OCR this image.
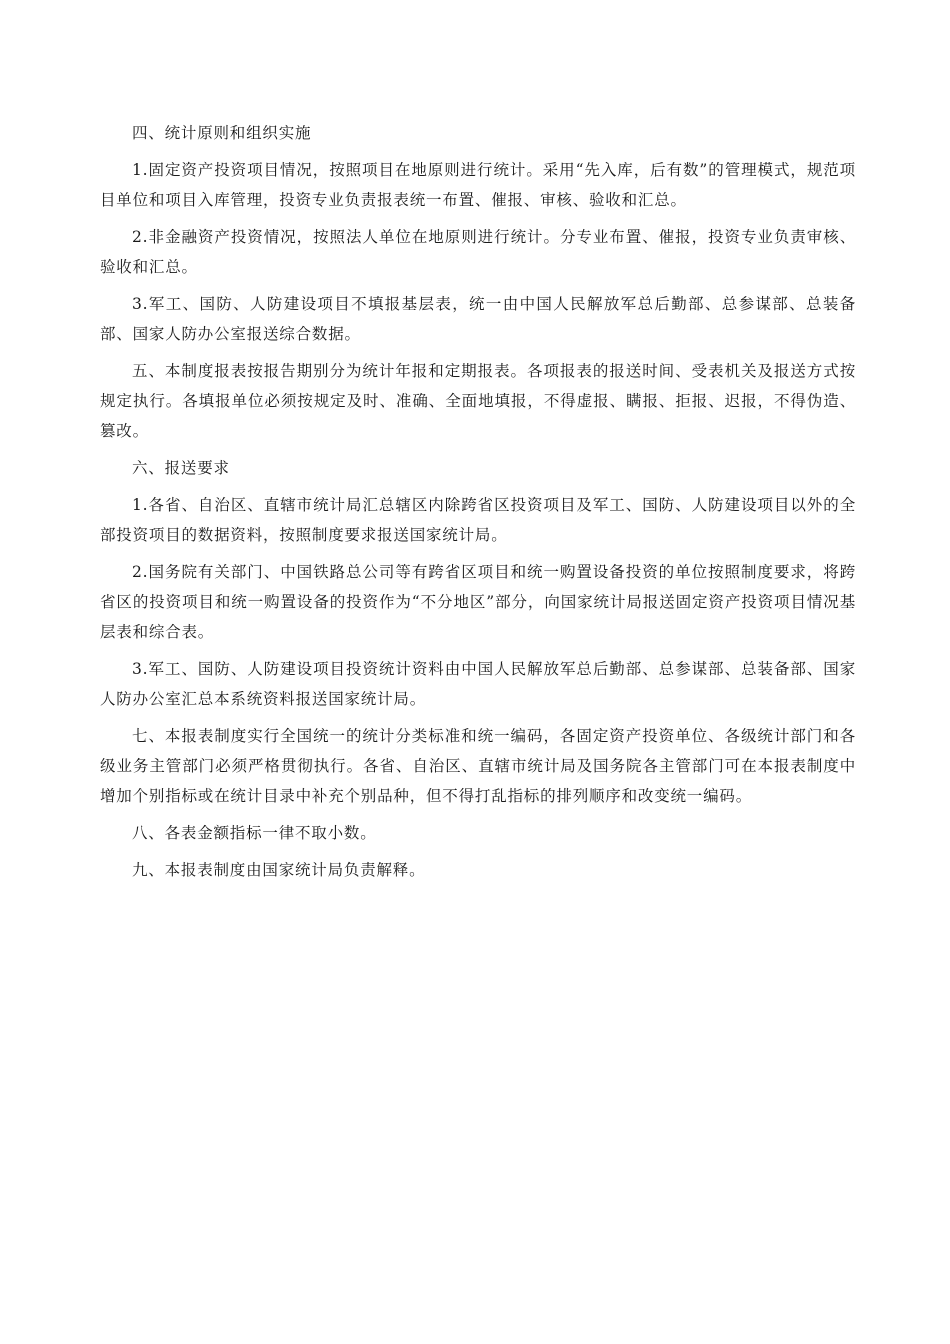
四、统计原则和组织实施

1.固定资产投资项目情况，按照项目在地原则进行统计。采用“先入库，后有数”的管理模式，规范项目单位和项目入库管理，投资专业负责报表统一布置、催报、审核、验收和汇总。

2.非金融资产投资情况，按照法人单位在地原则进行统计。分专业布置、催报，投资专业负责审核、验收和汇总。

3.军工、国防、人防建设项目不填报基层表，统一由中国人民解放军总后勤部、总参谋部、总装备部、国家人防办公室报送综合数据。

五、本制度报表按报告期别分为统计年报和定期报表。各项报表的报送时间、受表机关及报送方式按规定执行。各填报单位必须按规定及时、准确、全面地填报，不得虚报、瞒报、拒报、迟报，不得伪造、篡改。

六、报送要求

1.各省、自治区、直辖市统计局汇总辖区内除跨省区投资项目及军工、国防、人防建设项目以外的全部投资项目的数据资料，按照制度要求报送国家统计局。

2.国务院有关部门、中国铁路总公司等有跨省区项目和统一购置设备投资的单位按照制度要求，将跨省区的投资项目和统一购置设备的投资作为“不分地区”部分，向国家统计局报送固定资产投资项目情况基层表和综合表。

3.军工、国防、人防建设项目投资统计资料由中国人民解放军总后勤部、总参谋部、总装备部、国家人防办公室汇总本系统资料报送国家统计局。

七、本报表制度实行全国统一的统计分类标准和统一编码，各固定资产投资单位、各级统计部门和各级业务主管部门必须严格贯彻执行。各省、自治区、直辖市统计局及国务院各主管部门可在本报表制度中增加个别指标或在统计目录中补充个别品种，但不得打乱指标的排列顺序和改变统一编码。

八、各表金额指标一律不取小数。

九、本报表制度由国家统计局负责解释。
